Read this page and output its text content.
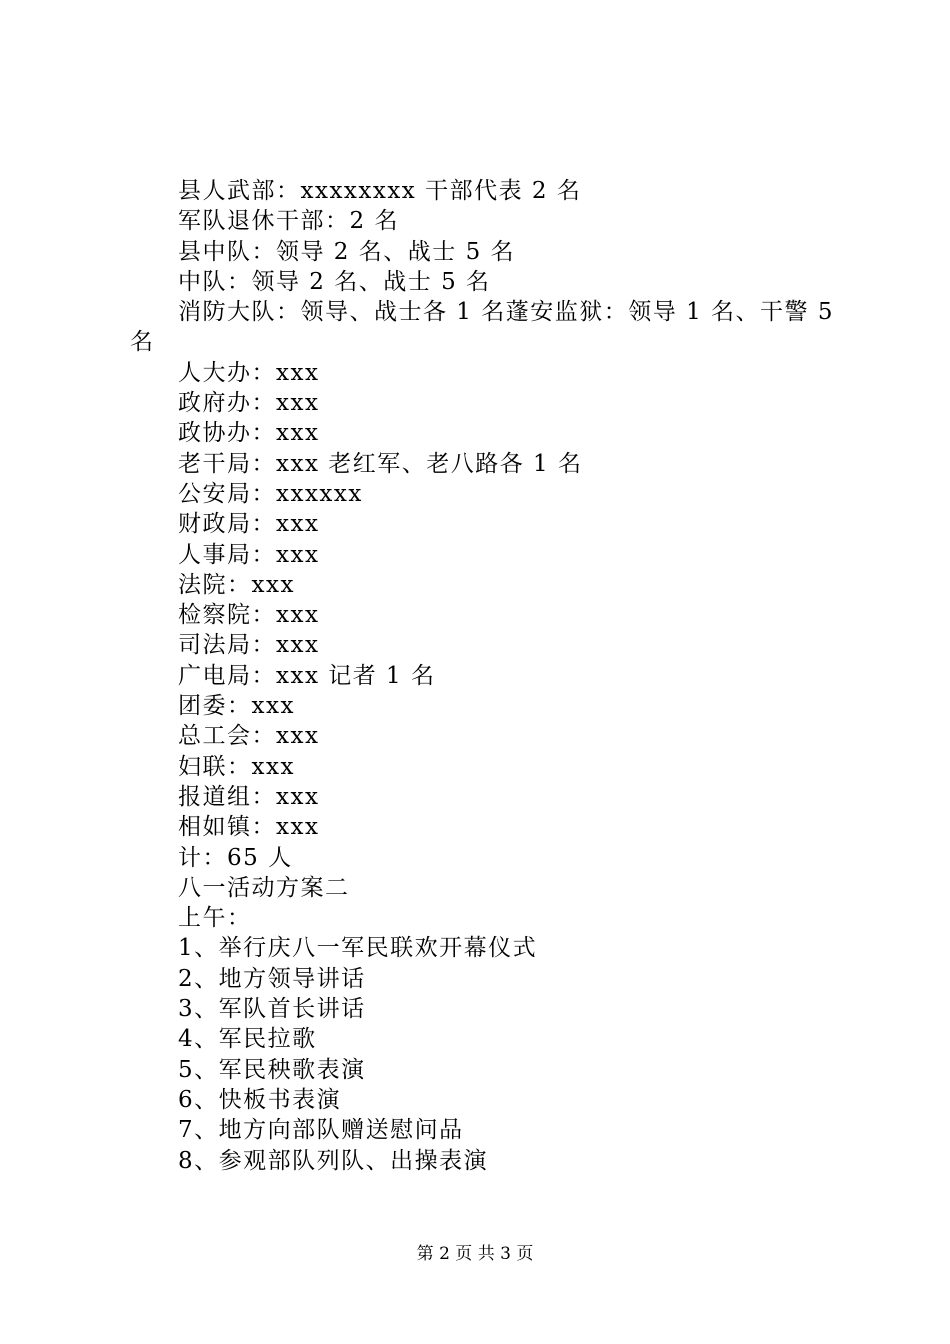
县人武部：xxxxxxxx 干部代表 2 名
军队退休干部：2 名
县中队：领导 2 名、战士 5 名
中队：领导 2 名、战士 5 名
消防大队：领导、战士各 1 名蓬安监狱：领导 1 名、干警 5 名
人大办：xxx
政府办：xxx
政协办：xxx
老干局：xxx 老红军、老八路各 1 名
公安局：xxxxxx
财政局：xxx
人事局：xxx
法院：xxx
检察院：xxx
司法局：xxx
广电局：xxx 记者 1 名
团委：xxx
总工会：xxx
妇联：xxx
报道组：xxx
相如镇：xxx
计：65 人
八一活动方案二
上午：
1、举行庆八一军民联欢开幕仪式
2、地方领导讲话
3、军队首长讲话
4、军民拉歌
5、军民秧歌表演
6、快板书表演
7、地方向部队赠送慰问品
8、参观部队列队、出操表演
第 2 页 共 3 页
